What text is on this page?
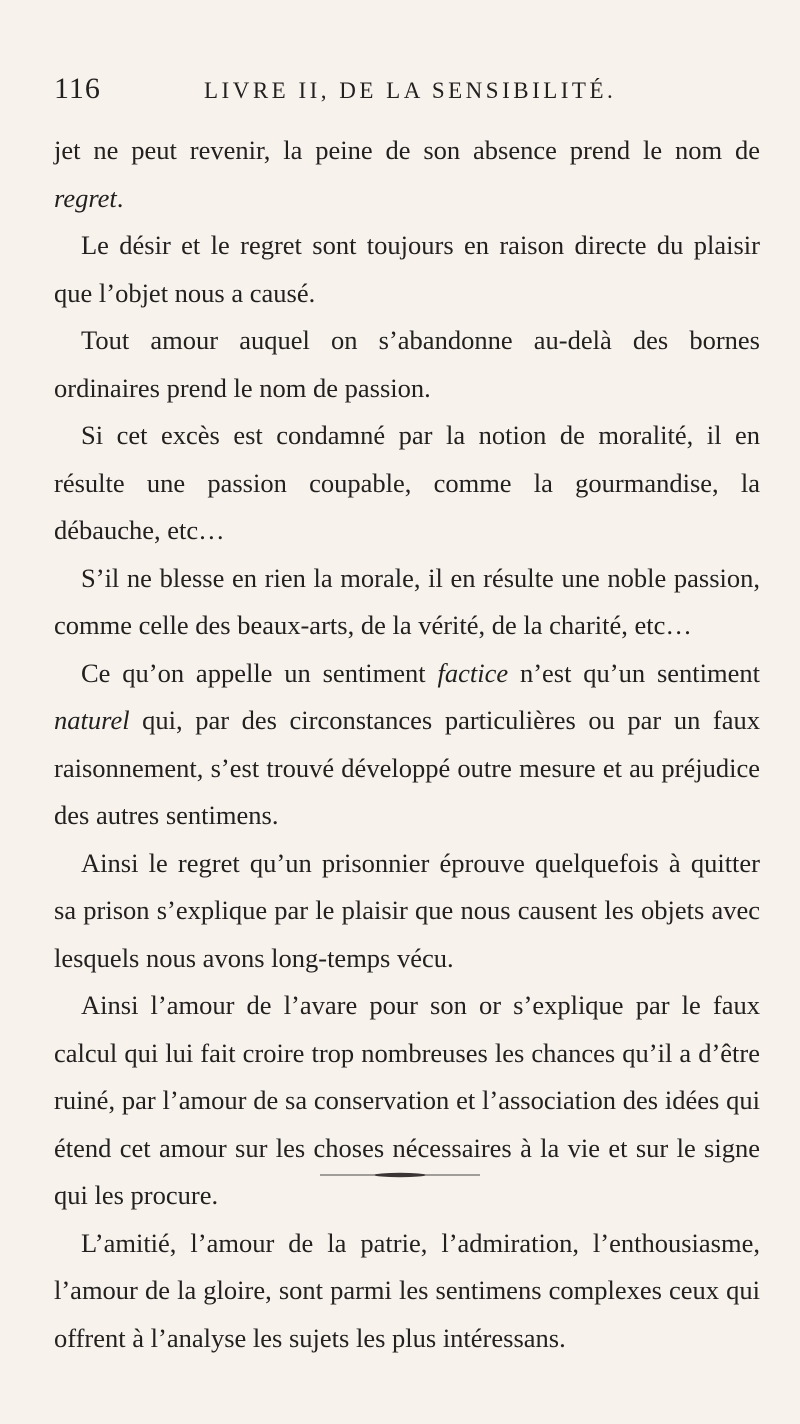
116	LIVRE II, DE LA SENSIBILITÉ.

jet ne peut revenir, la peine de son absence prend le nom de regret.

Le désir et le regret sont toujours en raison directe du plaisir que l’objet nous a causé.

Tout amour auquel on s’abandonne au-delà des bornes ordinaires prend le nom de passion.

Si cet excès est condamné par la notion de moralité, il en résulte une passion coupable, comme la gourmandise, la débauche, etc…

S’il ne blesse en rien la morale, il en résulte une noble passion, comme celle des beaux-arts, de la vérité, de la charité, etc…

Ce qu’on appelle un sentiment factice n’est qu’un sentiment naturel qui, par des circonstances particulières ou par un faux raisonnement, s’est trouvé développé outre mesure et au préjudice des autres sentimens.

Ainsi le regret qu’un prisonnier éprouve quelquefois à quitter sa prison s’explique par le plaisir que nous causent les objets avec lesquels nous avons long-temps vécu.

Ainsi l’amour de l’avare pour son or s’explique par le faux calcul qui lui fait croire trop nombreuses les chances qu’il a d’être ruiné, par l’amour de sa conservation et l’association des idées qui étend cet amour sur les choses nécessaires à la vie et sur le signe qui les procure.

L’amitié, l’amour de la patrie, l’admiration, l’enthousiasme, l’amour de la gloire, sont parmi les sentimens complexes ceux qui offrent à l’analyse les sujets les plus intéressans.
